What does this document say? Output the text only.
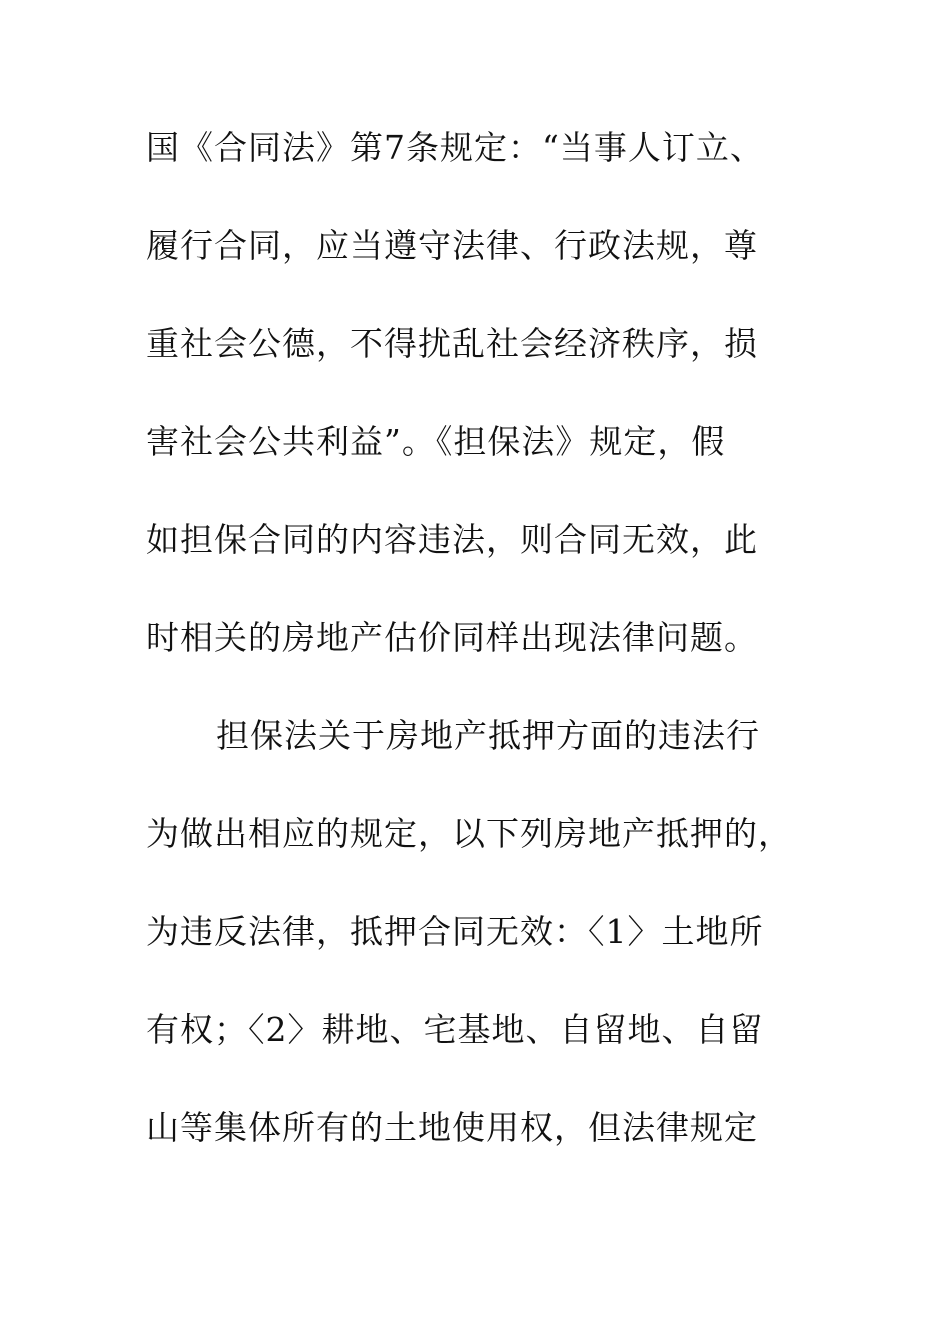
国《合同法》第7条规定：“当事人订立、
履行合同，应当遵守法律、行政法规，尊
重社会公德，不得扰乱社会经济秩序，损
害社会公共利益”。《担保法》规定，假
如担保合同的内容违法，则合同无效，此
时相关的房地产估价同样出现法律问题。
担保法关于房地产抵押方面的违法行
为做出相应的规定，以下列房地产抵押的，
为违反法律，抵押合同无效：〈1〉土地所
有权；〈2〉耕地、宅基地、自留地、自留
山等集体所有的土地使用权，但法律规定
